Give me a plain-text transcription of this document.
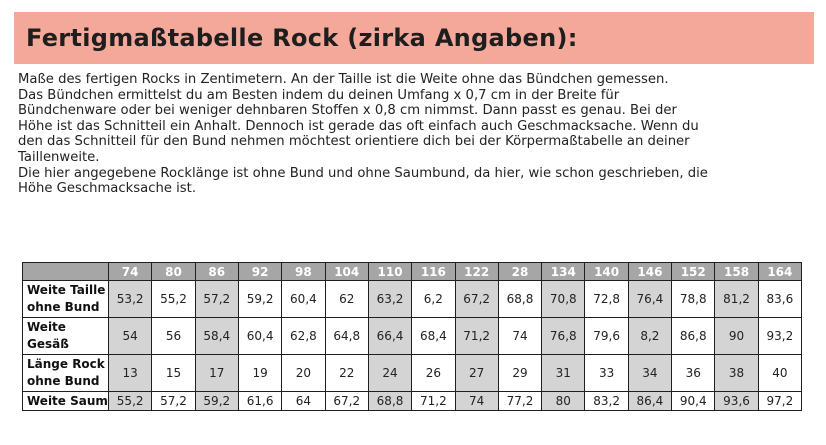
Fertigmaßtabelle Rock (zirka Angaben):

Maße des fertigen Rocks in Zentimetern. An der Taille ist die Weite ohne das Bündchen gemessen.

Das Bündchen ermittelst du am Besten indem du deinen Umfang x 0,7 cm in der Breite für

Bündchenware oder bei weniger dehnbaren Stoffen x 0,8 cm nimmst. Dann passt es genau. Bei der

Höhe ist das Schnitteil ein Anhalt. Dennoch ist gerade das oft einfach auch Geschmacksache. Wenn du

den das Schnitteil für den Bund nehmen möchtest orientiere dich bei der Körpermaßtabelle an deiner

Taillenweite.

Die hier angegebene Rocklänge ist ohne Bund und ohne Saumbund, da hier, wie schon geschrieben, die

Höhe Geschmacksache ist.

	74	80	86	92	98	104	110	116	122	28	134	140	146	152	158	164

Weite Taille
ohne Bund	53,2	55,2	57,2	59,2	60,4	62	63,2	6,2	67,2	68,8	70,8	72,8	76,4	78,8	81,2	83,6

Weite
Gesäß	54	56	58,4	60,4	62,8	64,8	66,4	68,4	71,2	74	76,8	79,6	8,2	86,8	90	93,2

Länge Rock
ohne Bund	13	15	17	19	20	22	24	26	27	29	31	33	34	36	38	40

Weite Saum	55,2	57,2	59,2	61,6	64	67,2	68,8	71,2	74	77,2	80	83,2	86,4	90,4	93,6	97,2
